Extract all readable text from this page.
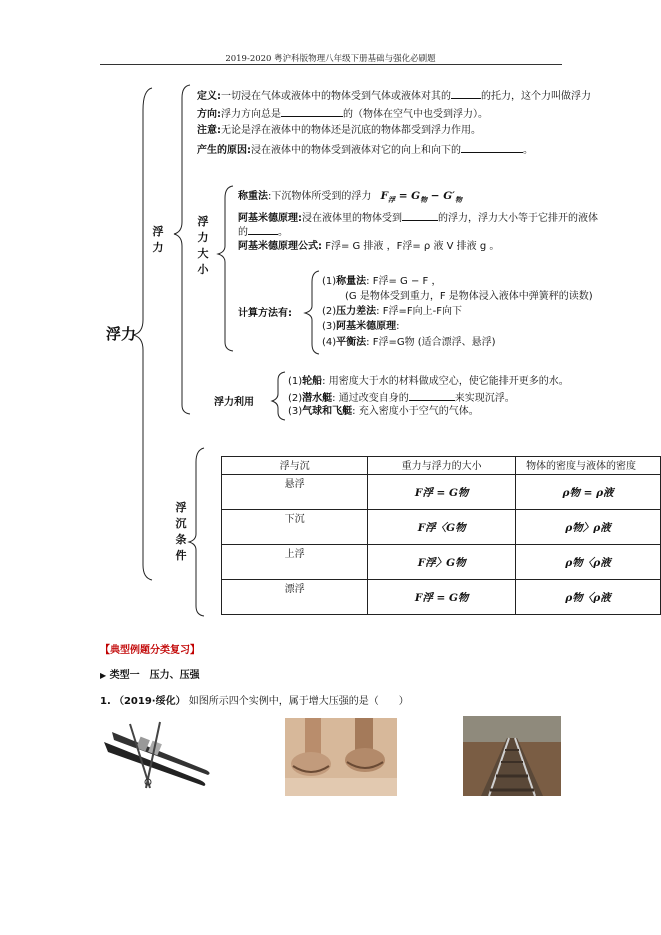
2019-2020 粤沪科版物理八年级下册基础与强化必刷题
浮力
浮力
定义:一切浸在气体或液体中的物体受到气体或液体对其的	的托力，这个力叫做浮力
方向:浮力方向总是	的（物体在空气中也受到浮力）。
注意:无论是浮在液体中的物体还是沉底的物体都受到浮力作用。
产生的原因:浸在液体中的物体受到液体对它的向上和向下的	。
浮力大小
称重法:下沉物体所受到的浮力 $F_浮 = G_物 - G'_物$
阿基米德原理:浸在液体里的物体受到	的浮力，浮力大小等于它排开的液体
的	。
阿基米德原理公式: F浮= G 排液 ，F浮= ρ 液 V 排液 g 。
计算方法有:
(1)称量法: F浮= G − F ，
(G 是物体受到重力，F 是物体浸入液体中弹簧秤的读数)
(2)压力差法: F浮=F向上-F向下
(3)阿基米德原理:
(4)平衡法: F浮=G物 (适合漂浮、悬浮)
浮力利用
(1)轮船: 用密度大于水的材料做成空心，使它能排开更多的水。
(2)潜水艇: 通过改变自身的	来实现沉浮。
(3)气球和飞艇: 充入密度小于空气的气体。
浮沉条件
浮与沉	重力与浮力的大小	物体的密度与液体的密度
悬浮	F浮 = G物	ρ物 = ρ液
下沉	F浮〈G物	ρ物〉ρ液
上浮	F浮〉G物	ρ物〈ρ液
漂浮	F浮 = G物	ρ物〈ρ液
【典型例题分类复习】
▶ 类型一　压力、压强
1. （2019·绥化） 如图所示四个实例中，属于增大压强的是（　　）
